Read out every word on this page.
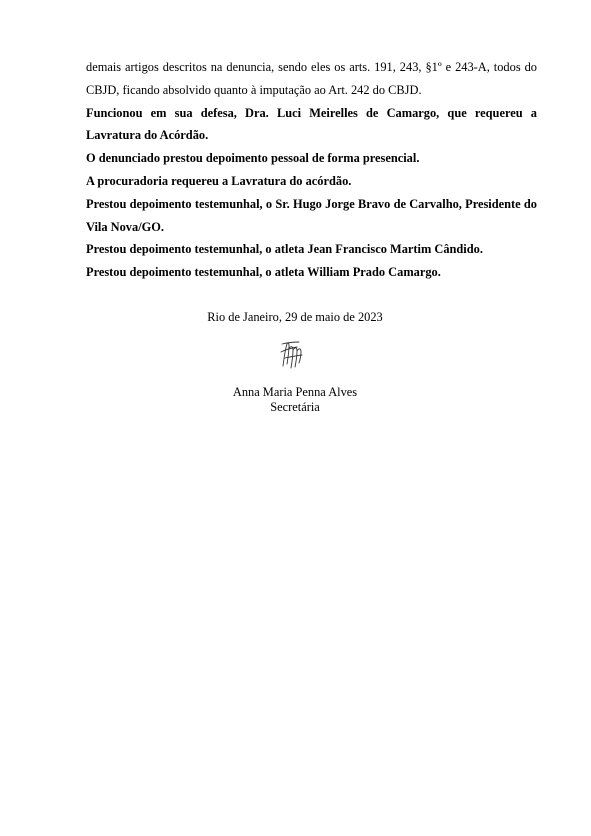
demais artigos descritos na denuncia, sendo eles os arts. 191, 243, §1º e 243-A, todos do CBJD, ficando absolvido quanto à imputação ao Art. 242 do CBJD.

Funcionou em sua defesa, Dra. Luci Meirelles de Camargo, que requereu a Lavratura do Acórdão.

O denunciado prestou depoimento pessoal de forma presencial.

A procuradoria requereu a Lavratura do acórdão.

Prestou depoimento testemunhal, o Sr. Hugo Jorge Bravo de Carvalho, Presidente do Vila Nova/GO.

Prestou depoimento testemunhal, o atleta Jean Francisco Martim Cândido.

Prestou depoimento testemunhal, o atleta William Prado Camargo.

Rio de Janeiro, 29 de maio de 2023
Anna Maria Penna Alves
Secretária
